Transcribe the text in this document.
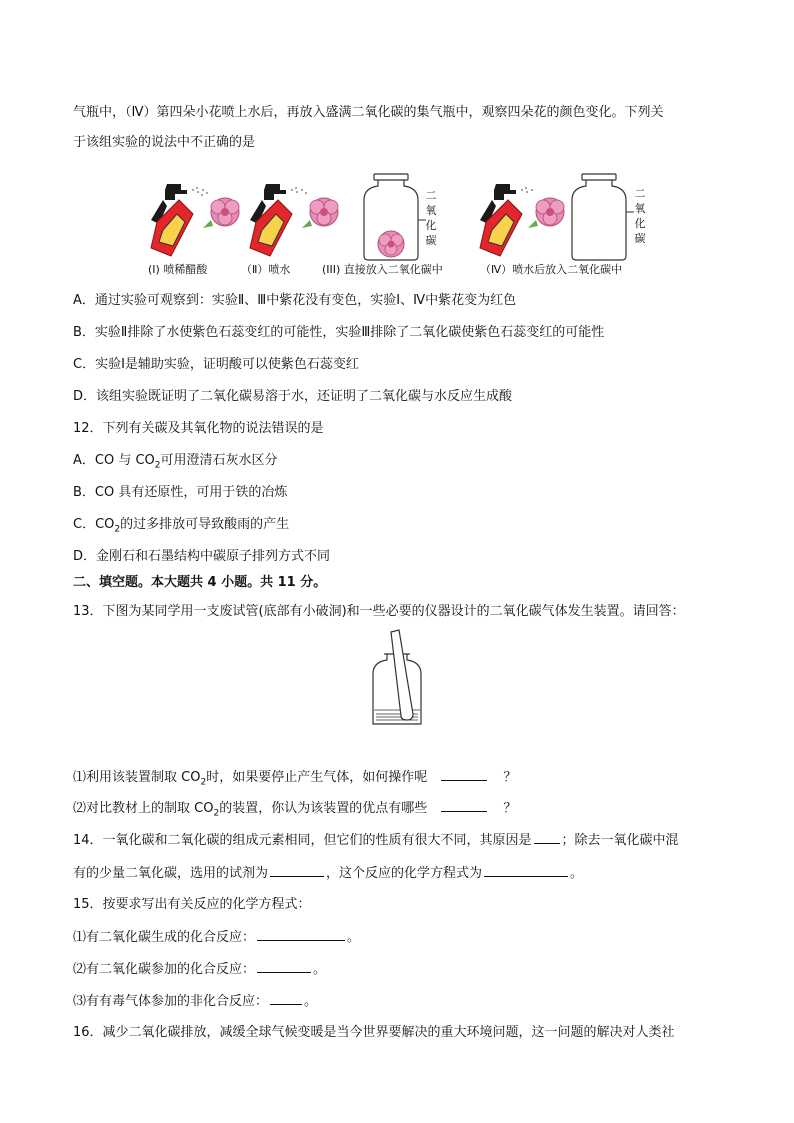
气瓶中，（Ⅳ）第四朵小花喷上水后，再放入盛满二氧化碳的集气瓶中，观察四朵花的颜色变化。下列关
于该组实验的说法中不正确的是
二
氧
化
碳
二
氧
化
碳
(I) 喷稀醋酸	（Ⅱ）喷水	(III) 直接放入二氧化碳中	（Ⅳ）喷水后放入二氧化碳中
A．通过实验可观察到：实验Ⅱ、Ⅲ中紫花没有变色，实验Ⅰ、Ⅳ中紫花变为红色
B．实验Ⅱ排除了水使紫色石蕊变红的可能性，实验Ⅲ排除了二氧化碳使紫色石蕊变红的可能性
C．实验Ⅰ是辅助实验，证明酸可以使紫色石蕊变红
D．该组实验既证明了二氧化碳易溶于水，还证明了二氧化碳与水反应生成酸
12．下列有关碳及其氧化物的说法错误的是
A．CO 与 $CO_2$可用澄清石灰水区分
B．CO 具有还原性，可用于铁的冶炼
C．$CO_2$的过多排放可导致酸雨的产生
D．金刚石和石墨结构中碳原子排列方式不同
二、填空题。本大题共 4 小题。共 11 分。
13．下图为某同学用一支废试管(底部有小破洞)和一些必要的仪器设计的二氧化碳气体发生装置。请回答：
⑴利用该装置制取 $CO_2$时，如果要停止产生气体，如何操作呢	？
⑵对比教材上的制取 $CO_2$的装置，你认为该装置的优点有哪些	？
14．一氧化碳和二氧化碳的组成元素相同，但它们的性质有很大不同，其原因是 ；除去一氧化碳中混
有的少量二氧化碳，选用的试剂为	，这个反应的化学方程式为	。
15．按要求写出有关反应的化学方程式：
⑴有二氧化碳生成的化合反应：	。
⑵有二氧化碳参加的化合反应：	。
⑶有有毒气体参加的非化合反应：	。
16．减少二氧化碳排放，减缓全球气候变暖是当今世界要解决的重大环境问题，这一问题的解决对人类社
